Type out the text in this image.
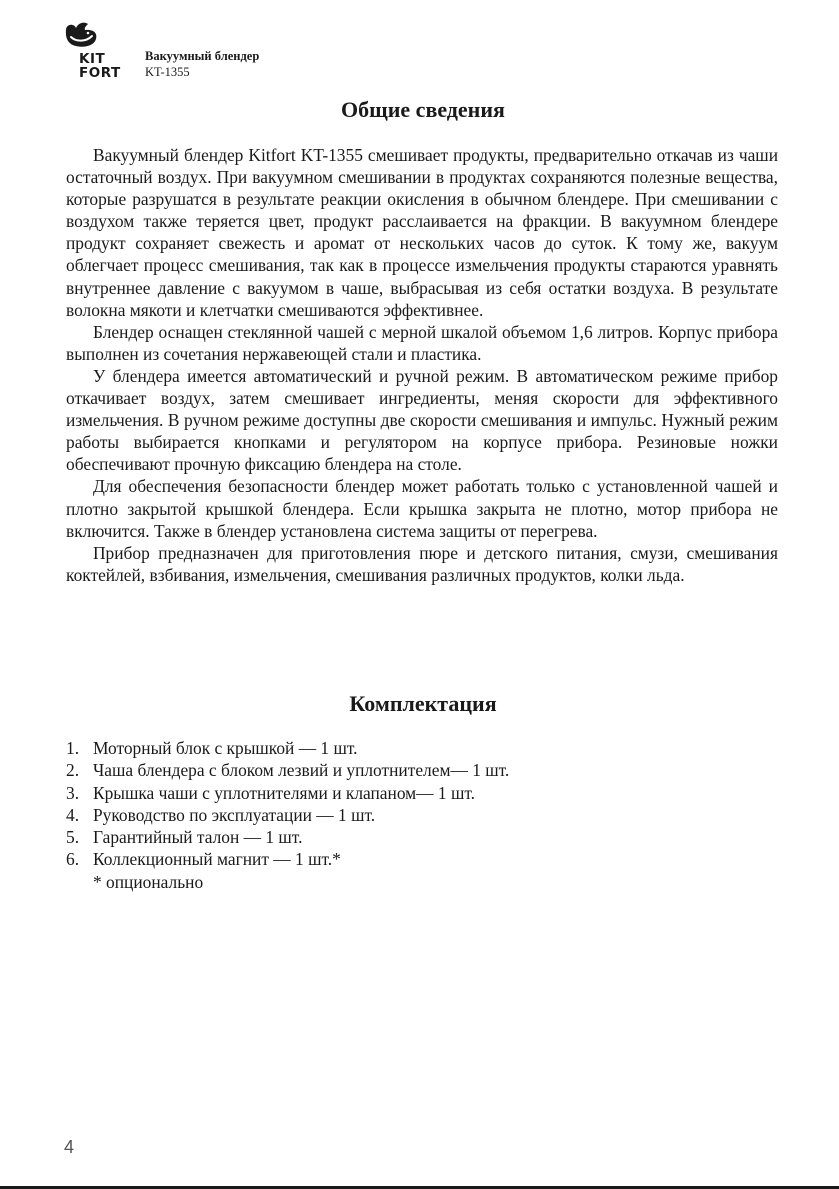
KIT
FORT
Вакуумный блендер
KT-1355
Общие сведения

Вакуумный блендер Kitfort KT-1355 смешивает продукты, предварительно откачав из чаши остаточный воздух. При вакуумном смешивании в продуктах сохраняются полезные вещества, которые разрушатся в результате реакции окисления в обычном блендере. При смешивании с воздухом также теряется цвет, продукт расслаивается на фракции. В вакуумном блендере продукт сохраняет свежесть и аромат от нескольких часов до суток. К тому же, вакуум облегчает процесс смешивания, так как в процессе измельчения продукты стараются уравнять внутреннее давление с вакуумом в чаше, выбрасывая из себя остатки воздуха. В результате волокна мякоти и клетчатки смешиваются эффективнее.

Блендер оснащен стеклянной чашей с мерной шкалой объемом 1,6 литров. Корпус прибора выполнен из сочетания нержавеющей стали и пластика.

У блендера имеется автоматический и ручной режим. В автоматическом режиме прибор откачивает воздух, затем смешивает ингредиенты, меняя скорости для эффективного измельчения. В ручном режиме доступны две скорости смешивания и импульс. Нужный режим работы выбирается кнопками и регулятором на корпусе прибора. Резиновые ножки обеспечивают прочную фиксацию блендера на столе.

Для обеспечения безопасности блендер может работать только с установленной чашей и плотно закрытой крышкой блендера. Если крышка закрыта не плотно, мотор прибора не включится. Также в блендер установлена система защиты от перегрева.

Прибор предназначен для приготовления пюре и детского питания, смузи, смешивания коктейлей, взбивания, измельчения, смешивания различных продуктов, колки льда.

Комплектация
1. Моторный блок с крышкой — 1 шт.
2. Чаша блендера с блоком лезвий и уплотнителем— 1 шт.
3. Крышка чаши с уплотнителями и клапаном— 1 шт.
4. Руководство по эксплуатации — 1 шт.
5. Гарантийный талон — 1 шт.
6. Коллекционный магнит — 1 шт.*
* опционально
4
